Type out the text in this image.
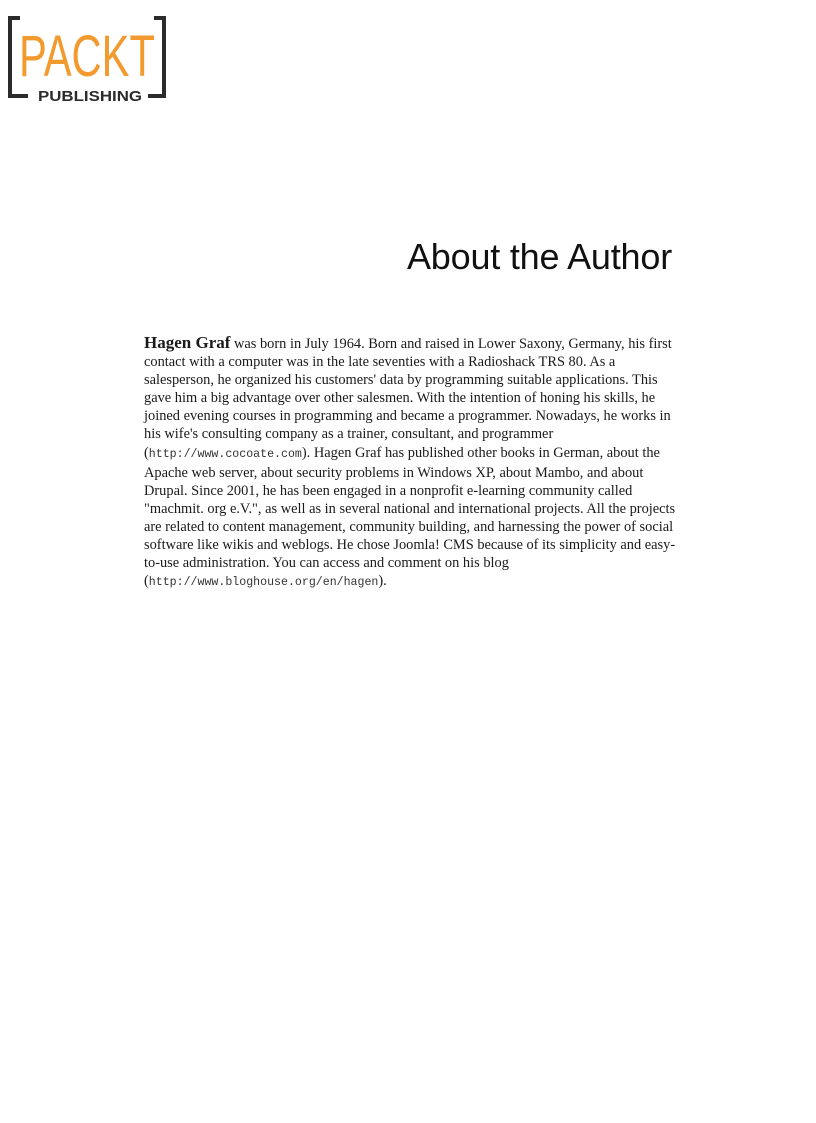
PACKT
PUBLISHING
About the Author

Hagen Graf was born in July 1964. Born and raised in Lower Saxony, Germany, his first contact with a computer was in the late seventies with a Radioshack TRS 80. As a salesperson, he organized his customers' data by programming suitable applications. This gave him a big advantage over other salesmen. With the intention of honing his skills, he joined evening courses in programming and became a programmer. Nowadays, he works in his wife's consulting company as a trainer, consultant, and programmer (http://www.cocoate.com). Hagen Graf has published other books in German, about the Apache web server, about security problems in Windows XP, about Mambo, and about Drupal. Since 2001, he has been engaged in a nonprofit e-learning community called "machmit. org e.V.", as well as in several national and international projects. All the projects are related to content management, community building, and harnessing the power of social software like wikis and weblogs. He chose Joomla! CMS because of its simplicity and easy-to-use administration. You can access and comment on his blog (http://www.bloghouse.org/en/hagen).
